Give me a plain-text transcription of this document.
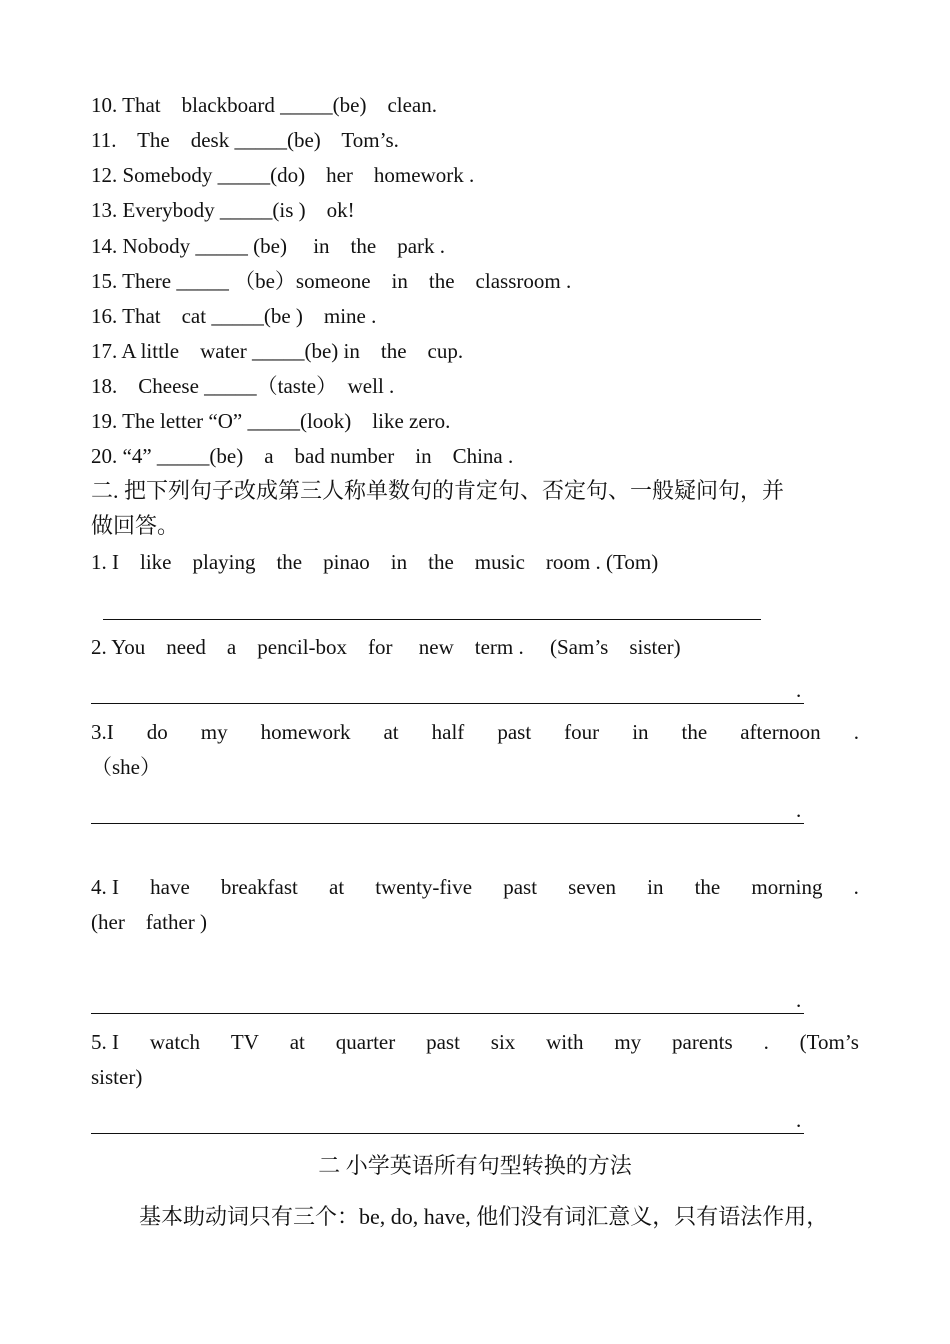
10. That    blackboard _____(be)    clean.
11.    The    desk _____(be)    Tom’s.
12. Somebody _____(do)    her    homework .
13. Everybody _____(is )    ok!
14. Nobody _____ (be)     in    the    park .
15. There _____ （be）someone    in    the    classroom .
16. That    cat _____(be )    mine .
17. A little    water _____(be) in    the    cup.
18.    Cheese _____（taste）  well .
19. The letter “O” _____(look)    like zero.
20. “4” _____(be)    a    bad number    in    China .
二. 把下列句子改成第三人称单数句的肯定句、否定句、一般疑问句，并
做回答。
1. I    like    playing    the    pinao    in    the    music    room . (Tom)
2. You    need    a    pencil-box    for     new    term .     (Sam’s    sister)
.
3.I do my homework at half past four in the afternoon .
（she）
.
4. I have breakfast at twenty-five past seven in the morning .
(her    father )
.
5. I watch TV at quarter past six with my parents . (Tom’s
sister)
.
二 小学英语所有句型转换的方法
基本助动词只有三个：be, do, have, 他们没有词汇意义，只有语法作用，
